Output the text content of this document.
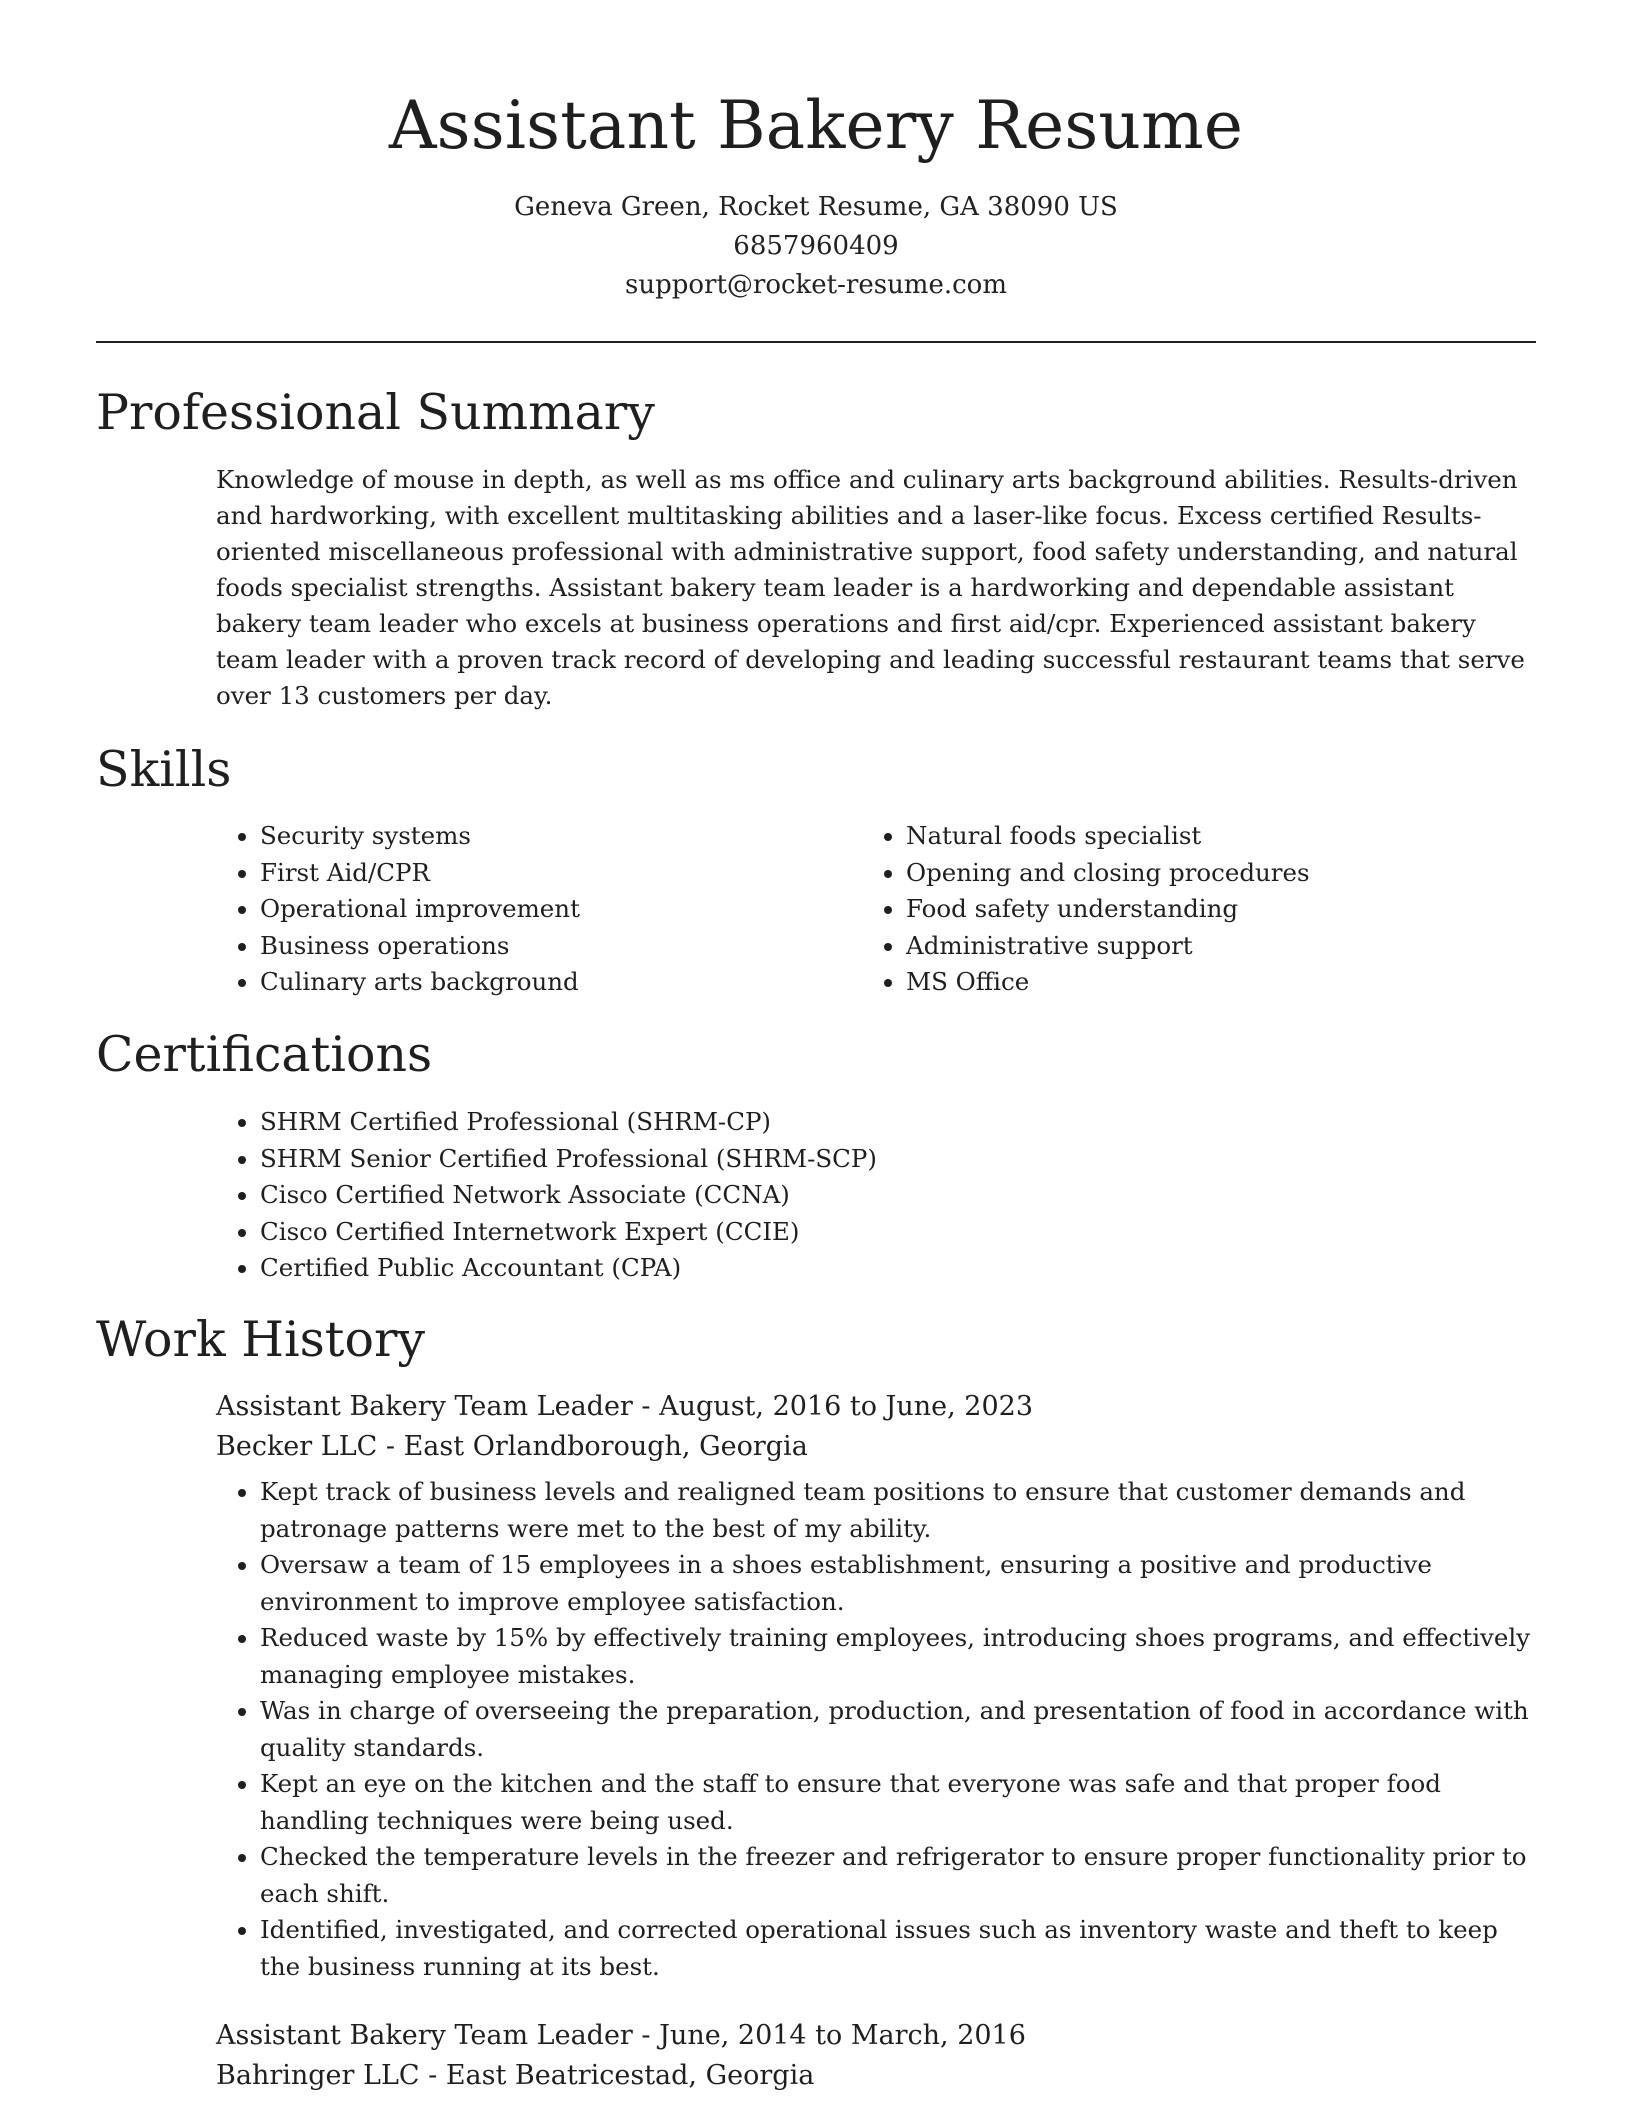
Assistant Bakery Resume
Geneva Green, Rocket Resume, GA 38090 US
6857960409
support@rocket-resume.com
Professional Summary

Knowledge of mouse in depth, as well as ms office and culinary arts background abilities. Results-driven and hardworking, with excellent multitasking abilities and a laser-like focus. Excess certified Results-oriented miscellaneous professional with administrative support, food safety understanding, and natural foods specialist strengths. Assistant bakery team leader is a hardworking and dependable assistant bakery team leader who excels at business operations and first aid/cpr. Experienced assistant bakery team leader with a proven track record of developing and leading successful restaurant teams that serve over 13 customers per day.

Skills
• Security systems
• First Aid/CPR
• Operational improvement
• Business operations
• Culinary arts background
• Natural foods specialist
• Opening and closing procedures
• Food safety understanding
• Administrative support
• MS Office
Certifications
• SHRM Certified Professional (SHRM-CP)
• SHRM Senior Certified Professional (SHRM-SCP)
• Cisco Certified Network Associate (CCNA)
• Cisco Certified Internetwork Expert (CCIE)
• Certified Public Accountant (CPA)
Work History
Assistant Bakery Team Leader - August, 2016 to June, 2023
Becker LLC - East Orlandborough, Georgia
• Kept track of business levels and realigned team positions to ensure that customer demands and patronage patterns were met to the best of my ability.
• Oversaw a team of 15 employees in a shoes establishment, ensuring a positive and productive environment to improve employee satisfaction.
• Reduced waste by 15% by effectively training employees, introducing shoes programs, and effectively managing employee mistakes.
• Was in charge of overseeing the preparation, production, and presentation of food in accordance with quality standards.
• Kept an eye on the kitchen and the staff to ensure that everyone was safe and that proper food handling techniques were being used.
• Checked the temperature levels in the freezer and refrigerator to ensure proper functionality prior to each shift.
• Identified, investigated, and corrected operational issues such as inventory waste and theft to keep the business running at its best.
Assistant Bakery Team Leader - June, 2014 to March, 2016
Bahringer LLC - East Beatricestad, Georgia
